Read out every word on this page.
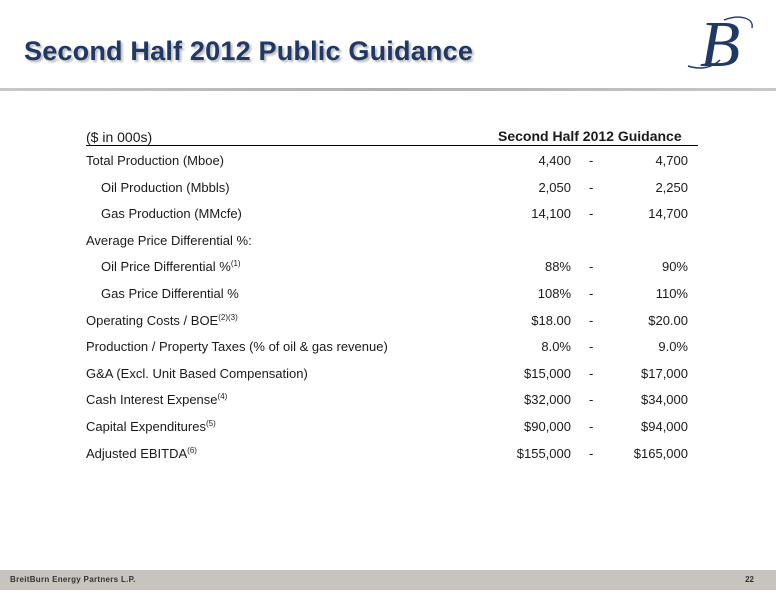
Second Half 2012 Public Guidance	B
($ in 000s)	Second Half 2012 Guidance
Total Production (Mboe)	4,400 -	4,700
Oil Production (Mbbls)	2,050 -	2,250
Gas Production (MMcfe)	14,100 -	14,700
Average Price Differential %:
Oil Price Differential %$^{(1)}$	88% -	90%
Gas Price Differential %	108% -	110%
Operating Costs / $BOE^{(2)(3)}$	$18.00 -	$20.00
Production / Property Taxes (% of oil & gas revenue)	8.0% -	9.0%
G&A (Excl. Unit Based Compensation)	$15,000 -	$17,000
Cash Interest Expense$^{(4)}$	$32,000 -	$34,000
Capital Expenditures$^{(5)}$	$90,000 -	$94,000
Adjusted EBITDA$^{(6)}$	$155,000 -	$165,000
BreitBurn Energy Partners L.P.	22
